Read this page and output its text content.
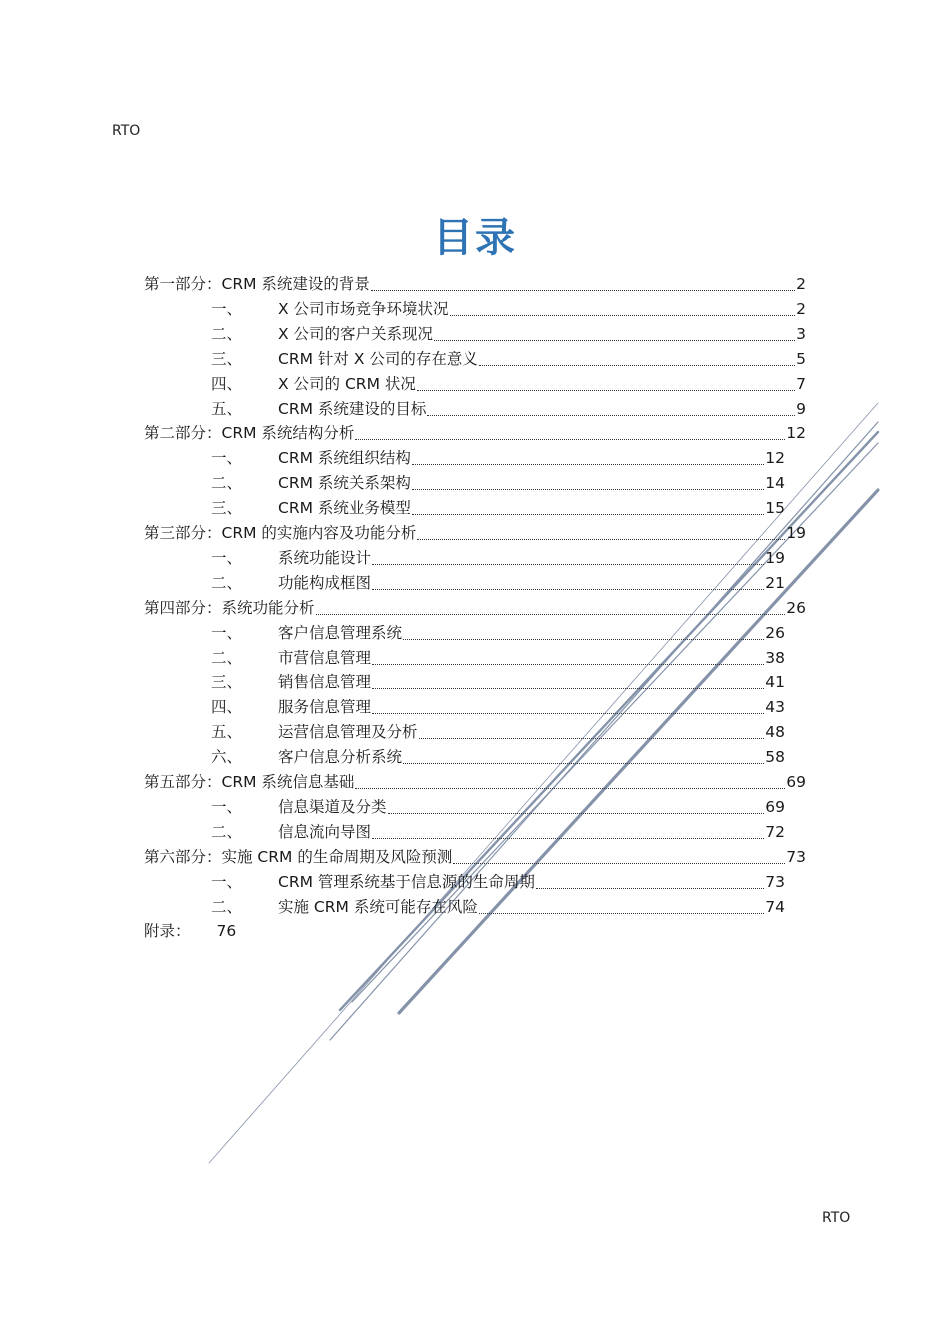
RTO
目录
第一部分：CRM 系统建设的背景	2
一、	X 公司市场竞争环境状况	2
二、	X 公司的客户关系现况	3
三、	CRM 针对 X 公司的存在意义	5
四、	X 公司的 CRM 状况	7
五、	CRM 系统建设的目标	9
第二部分：CRM 系统结构分析	12
一、	CRM 系统组织结构	12
二、	CRM 系统关系架构	14
三、	CRM 系统业务模型	15
第三部分：CRM 的实施内容及功能分析	19
一、	系统功能设计	19
二、	功能构成框图	21
第四部分：系统功能分析	26
一、	客户信息管理系统	26
二、	市营信息管理	38
三、	销售信息管理	41
四、	服务信息管理	43
五、	运营信息管理及分析	48
六、	客户信息分析系统	58
第五部分：CRM 系统信息基础	69
一、	信息渠道及分类	69
二、	信息流向导图	72
第六部分：实施 CRM 的生命周期及风险预测	73
一、	CRM 管理系统基于信息源的生命周期	73
二、	实施 CRM 系统可能存在风险	74
附录： 76
RTO
